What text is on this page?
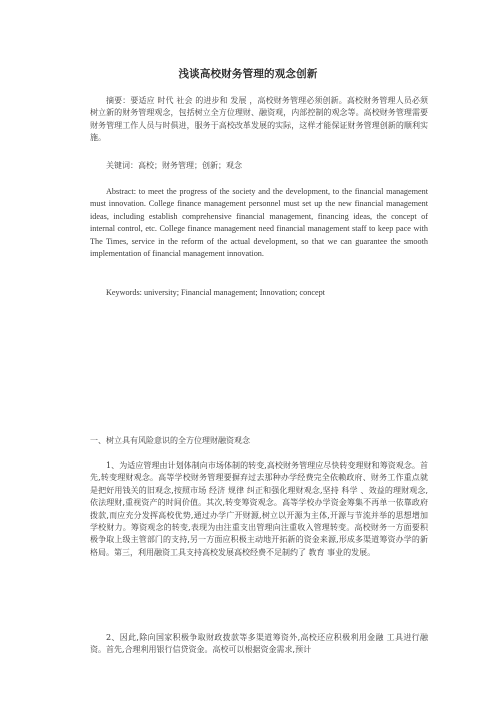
浅谈高校财务管理的观念创新

摘要：要适应 时代 社会 的进步和 发展 ，高校财务管理必须创新。高校财务管理人员必须树立新的财务管理观念，包括树立全方位理财、融资观，内部控制的观念等。高校财务管理需要财务管理工作人员与时俱进，服务于高校改革发展的实际，这样才能保证财务管理创新的顺利实施。

关键词：高校；财务管理；创新；观念

Abstract: to meet the progress of the society and the development, to the financial management must innovation. College finance management personnel must set up the new financial management ideas, including establish comprehensive financial management, financing ideas, the concept of internal control, etc. College finance management need financial management staff to keep pace with The Times, service in the reform of the actual development, so that we can guarantee the smooth implementation of financial management innovation.

Keywords: university; Financial management; Innovation; concept

一、树立具有风险意识的全方位理财融资观念

1、为适应管理由计划体制向市场体制的转变,高校财务管理应尽快转变理财和筹资观念。首先,转变理财观念。高等学校财务管理要摒弃过去那种办学经费完全依赖政府、财务工作重点就是把好用钱关的旧观念,按照市场 经济 规律 纠正和强化理财观念,坚持 科学 、效益的理财观念,依法理财,重视资产的时间价值。其次,转变筹资观念。高等学校办学资金筹集不再单一依靠政府拨款,而应充分发挥高校优势,通过办学广开财源,树立以开源为主体,开源与节流并举的思想增加学校财力。筹资观念的转变,表现为由注重支出管理向注重收入管理转变。高校财务一方面要积极争取上级主管部门的支持,另一方面应积极主动地开拓新的资金来源,形成多渠道筹资办学的新格局。第三，利用融资工具支持高校发展高校经费不足制约了 教育 事业的发展。

2、因此,除向国家积极争取财政拨款等多渠道筹资外,高校还应积极利用金融 工具进行融资。首先,合理利用银行信贷资金。高校可以根据资金需求,预计
